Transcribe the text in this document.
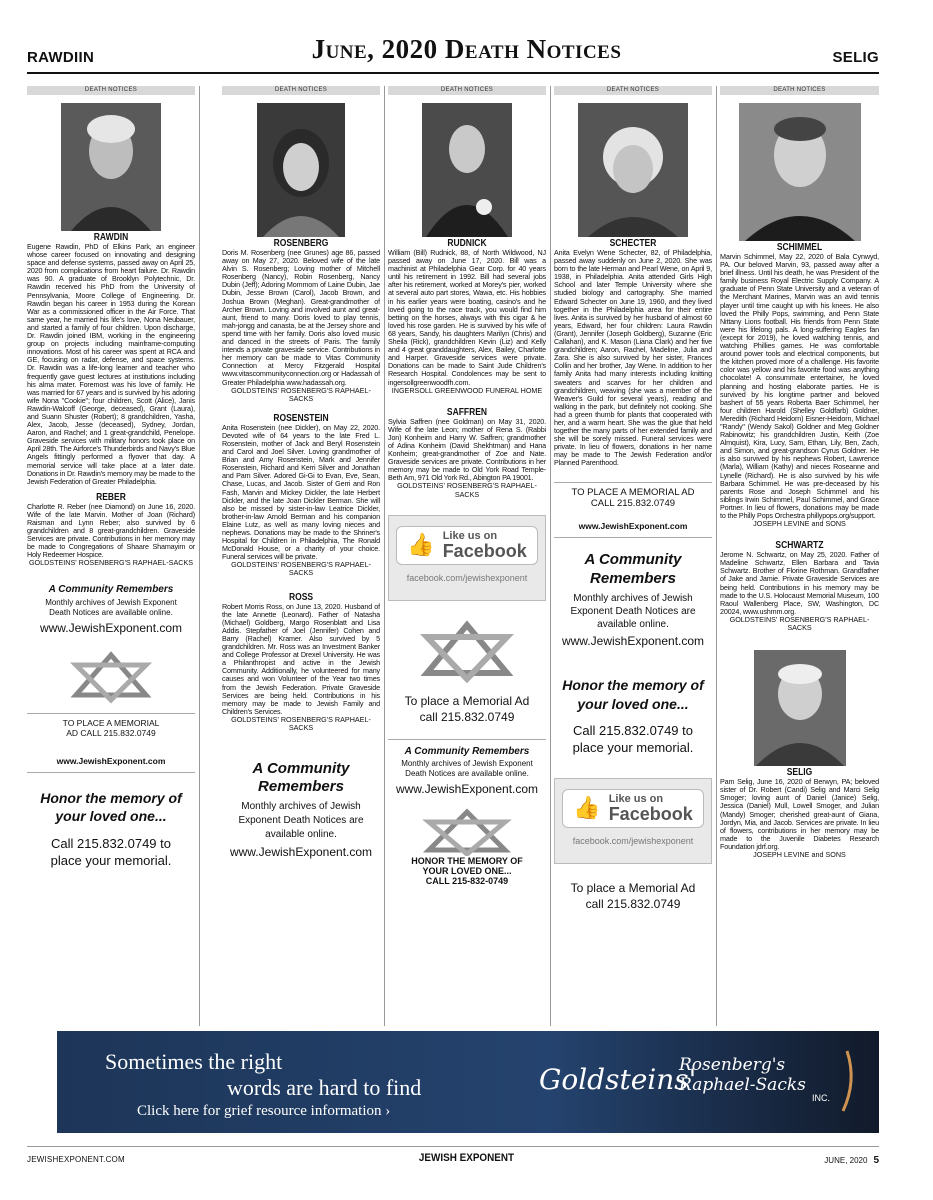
RAWDIIN	June, 2020 Death Notices	SELIG
DEATH NOTICES
RAWDIN
Eugene Rawdin, PhD of Elkins Park, an engineer whose career focused on innovating and designing space and defense systems, passed away on April 25, 2020 from complications from heart failure. Dr. Rawdin was 90. A graduate of Brooklyn Polytechnic, Dr. Rawdin received his PhD from the University of Pennsylvania, Moore College of Engineering. Dr. Rawdin began his career in 1953 during the Korean War as a commissioned officer in the Air Force. That same year, he married his life's love, Nona Neubauer, and started a family of four children. Upon discharge, Dr. Rawdin joined IBM, working in the engineering group on projects including mainframe-computing innovations. Most of his career was spent at RCA and GE, focusing on radar, defense, and space systems. Dr. Rawdin was a life-long learner and teacher who frequently gave guest lectures at institutions including his alma mater. Foremost was his love of family. He was married for 67 years and is survived by his adoring wife Nona "Cookie"; four children, Scott (Alice), Janis Rawdin-Walcoff (George, deceased), Grant (Laura), and Suann Shuster (Robert); 8 grandchildren, Yasha, Alex, Jacob, Jesse (deceased), Sydney, Jordan, Aaron, and Rachel; and 1 great-grandchild, Penelope. Graveside services with military honors took place on April 28th. The Airforce's Thunderbirds and Navy's Blue Angels fittingly performed a flyover that day. A memorial service will take place at a later date. Donations in Dr. Rawdin's memory may be made to the Jewish Federation of Greater Philadelphia.
REBER
Charlotte R. Reber (nee Diamond) on June 16, 2020. Wife of the late Marvin. Mother of Joan (Richard) Raisman and Lynn Reber; also survived by 6 grandchildren and 8 great-grandchildren. Graveside Services are private. Contributions in her memory may be made to Congregations of Shaare Shamayim or Holy Redeemer Hospice.
GOLDSTEINS' ROSENBERG'S RAPHAEL-SACKS
A Community Remembers
Monthly archives of Jewish Exponent Death Notices are available online.
www.JewishExponent.com
TO PLACE A MEMORIAL AD CALL 215.832.0749
www.JewishExponent.com
Honor the memory of your loved one...
Call 215.832.0749 to place your memorial.
DEATH NOTICES
ROSENBERG
Doris M. Rosenberg (nee Grunes) age 86, passed away on May 27, 2020. Beloved wife of the late Alvin S. Rosenberg; Loving mother of Mitchell Rosenberg (Nancy), Robin Rosenberg, Nancy Dubin (Jeff); Adoring Mommom of Laine Dubin, Jae Dubin, Jesse Brown (Carol), Jacob Brown, and Joshua Brown (Meghan). Great-grandmother of Archer Brown. Loving and involved aunt and great-aunt, friend to many. Doris loved to play tennis, mah-jongg and canasta, be at the Jersey shore and spend time with her family. Doris also loved music and danced in the streets of Paris. The family intends a private graveside service. Contributions in her memory can be made to Vitas Community Connection at Mercy Fitzgerald Hospital www.vitascommunityconnection.org or Hadassah of Greater Philadelphia www.hadassah.org.
GOLDSTEINS' ROSENBERG'S RAPHAEL-SACKS
ROSENSTEIN
Anita Rosenstein (nee Dickler), on May 22, 2020. Devoted wife of 64 years to the late Fred L. Rosenstein, mother of Jack and Beryl Rosenstein and Carol and Joel Silver. Loving grandmother of Brian and Amy Rosenstein, Mark and Jennifer Rosenstein, Richard and Kerri Silver and Jonathan and Pam Silver. Adored Gi-Gi to Evan, Eve, Sean, Chase, Lucas, and Jacob. Sister of Gerri and Ron Fash, Marvin and Mickey Dickler, the late Herbert Dickler, and the late Joan Dickler Berman. She will also be missed by sister-in-law Leatrice Dickler, brother-in-law Arnold Berman and his companion Elaine Lutz, as well as many loving nieces and nephews. Donations may be made to the Shriner's Hospital for Children in Philadelphia, The Ronald McDonald House, or a charity of your choice. Funeral services will be private.
GOLDSTEINS' ROSENBERG'S RAPHAEL-SACKS
ROSS
Robert Morris Ross, on June 13, 2020. Husband of the late Annette (Leonard). Father of Natasha (Michael) Goldberg, Margo Rosenblatt and Lisa Addis. Stepfather of Joel (Jennifer) Cohen and Barry (Rachel) Kramer. Also survived by 5 grandchildren. Mr. Ross was an Investment Banker and College Professor at Drexel University. He was a Philanthropist and active in the Jewish Community. Additionally, he volunteered for many causes and won Volunteer of the Year two times from the Jewish Federation. Private Graveside Services are being held. Contributions in his memory may be made to Jewish Family and Children's Services.
GOLDSTEINS' ROSENBERG'S RAPHAEL-SACKS
A Community Remembers
Monthly archives of Jewish Exponent Death Notices are available online.
www.JewishExponent.com
DEATH NOTICES
RUDNICK
William (Bill) Rudnick, 88, of North Wildwood, NJ passed away on June 17, 2020. Bill was a machinist at Philadelphia Gear Corp. for 40 years until his retirement in 1992. Bill had several jobs after his retirement, worked at Morey's pier, worked at several auto part stores, Wawa, etc. His hobbies in his earlier years were boating, casino's and he loved going to the race track, you would find him betting on the horses, always with this cigar & he loved his rose garden. He is survived by his wife of 68 years, Sandy, his daughters Marilyn (Chris) and Sheila (Rick), grandchildren Kevin (Liz) and Kelly and 4 great granddaughters, Alex, Bailey, Charlotte and Harper. Graveside services were private. Donations can be made to Saint Jude Children's Research Hospital. Condolences may be sent to ingersollgreenwoodfh.com.
INGERSOLL GREENWOOD FUNERAL HOME
SAFFREN
Sylvia Saffren (nee Goldman) on May 31, 2020. Wife of the late Leon; mother of Rena S. (Rabbi Jon) Konheim and Harry W. Saffren; grandmother of Adina Konheim (David Shekhtman) and Hana Konheim; great-grandmother of Zoe and Nate. Graveside services are private. Contributions in her memory may be made to Old York Road Temple-Beth Am, 971 Old York Rd., Abington PA 19001.
GOLDSTEINS' ROSENBERG'S RAPHAEL-SACKS
👍 Like us on
Facebook
facebook.com/jewishexponent
To place a Memorial Ad call 215.832.0749
A Community Remembers
Monthly archives of Jewish Exponent Death Notices are available online.
www.JewishExponent.com
HONOR THE MEMORY OF YOUR LOVED ONE... CALL 215-832-0749
DEATH NOTICES
SCHECTER
Anita Evelyn Wene Schecter, 82, of Philadelphia, passed away suddenly on June 2, 2020. She was born to the late Herman and Pearl Wene, on April 9, 1938, in Philadelphia. Anita attended Girls High School and later Temple University where she studied biology and cartography. She married Edward Schecter on June 19, 1960, and they lived together in the Philadelphia area for their entire lives. Anita is survived by her husband of almost 60 years, Edward, her four children: Laura Rawdin (Grant), Jennifer (Joseph Goldberg), Suzanne (Eric Callahan), and K. Mason (Liana Clark) and her five grandchildren; Aaron, Rachel, Madeline, Julia and Zara. She is also survived by her sister, Frances Collin and her brother, Jay Wene. In addition to her family Anita had many interests including knitting sweaters and scarves for her children and grandchildren, weaving (she was a member of the Weaver's Guild for several years), reading and walking in the park, but definitely not cooking. She had a green thumb for plants that cooperated with her, and a warm heart. She was the glue that held together the many parts of her extended family and she will be sorely missed. Funeral services were private. In lieu of flowers, donations in her name may be made to The Jewish Federation and/or Planned Parenthood.
TO PLACE A MEMORIAL AD CALL 215.832.0749
www.JewishExponent.com
A Community Remembers
Monthly archives of Jewish Exponent Death Notices are available online.
www.JewishExponent.com
Honor the memory of your loved one...
Call 215.832.0749 to place your memorial.
👍 Like us on
Facebook
facebook.com/jewishexponent
To place a Memorial Ad call 215.832.0749
DEATH NOTICES
SCHIMMEL
Marvin Schimmel, May 22, 2020 of Bala Cynwyd, PA. Our beloved Marvin, 93, passed away after a brief illness. Until his death, he was President of the family business Royal Electric Supply Company. A graduate of Penn State University and a veteran of the Merchant Marines, Marvin was an avid tennis player until time caught up with his knees. He also loved the Philly Pops, swimming, and Penn State Nittany Lions football. His friends from Penn State were his lifelong pals. A long-suffering Eagles fan (except for 2019), he loved watching tennis, and watching Phillies games. He was comfortable around power tools and electrical components, but the kitchen proved more of a challenge. His favorite color was yellow and his favorite food was anything chocolate! A consummate entertainer, he loved planning and hosting elaborate parties. He is survived by his longtime partner and beloved bashert of 55 years Roberta Baer Schimmel, her four children Harold (Shelley Goldfarb) Goldner, Meredith (Richard Heidorn) Eisner-Heidorn, Michael "Randy" (Wendy Sakol) Goldner and Meg Goldner Rabinowitz; his grandchildren Justin, Keith (Zoe Almquist), Kira, Lucy, Sam, Ethan, Lily, Ben, Zach, and Simon, and great-grandson Cyrus Goldner. He is also survived by his nephews Robert, Lawrence (Marla), William (Kathy) and nieces Roseanne and Lynelle (Richard). He is also survived by his wife Barbara Schimmel. He was pre-deceased by his parents Rose and Joseph Schimmel and his siblings Irwin Schimmel, Paul Schimmel, and Grace Portner. In lieu of flowers, donations may be made to the Philly Pops Orchestra phillypops.org/support.
JOSEPH LEVINE and SONS
SCHWARTZ
Jerome N. Schwartz, on May 25, 2020. Father of Madeline Schwartz, Ellen Barbara and Tavia Schwartz. Brother of Florine Rothman. Grandfather of Jake and Jamie. Private Graveside Services are being held. Contributions in his memory may be made to the U.S. Holocaust Memorial Museum, 100 Raoul Wallenberg Place, SW, Washington, DC 20024, www.ushmm.org.
GOLDSTEINS' ROSENBERG'S RAPHAEL-SACKS
SELIG
Pam Selig, June 16, 2020 of Berwyn, PA; beloved sister of Dr. Robert (Candi) Selig and Marci Selig Smoger; loving aunt of Daniel (Janice) Selig, Jessica (Daniel) Mull, Lowell Smoger, and Julian (Mandy) Smoger; cherished great-aunt of Giana, Jordyn, Mia, and Jacob. Services are private. In lieu of flowers, contributions in her memory may be made to the Juvenile Diabetes Research Foundation jdrf.org.
JOSEPH LEVINE and SONS
Sometimes the right
words are hard to find
Click here for grief resource information ›
Goldsteins'
Rosenberg's Raphael-Sacks
INC.
JEWISHEXPONENT.COM	JEWISH EXPONENT	JUNE, 2020 5
